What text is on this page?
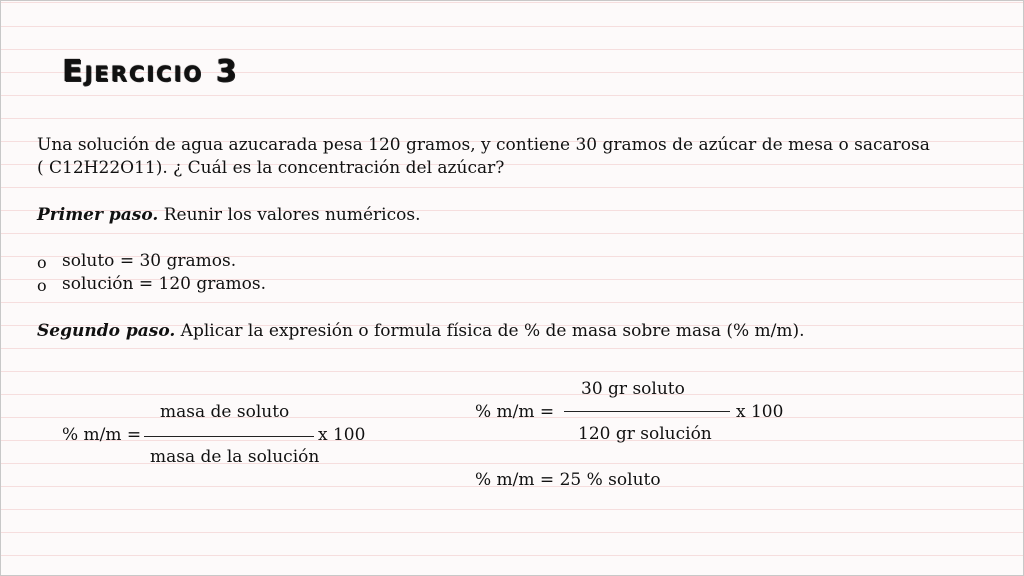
Ejercicio 3
Una solución de agua azucarada pesa 120 gramos, y contiene 30 gramos de azúcar de mesa o sacarosa
( C12H22O11). ¿ Cuál es la concentración del azúcar?
Primer paso. Reunir los valores numéricos.
o soluto = 30 gramos.
o solución = 120 gramos.
Segundo paso. Aplicar la expresión o formula física de % de masa sobre masa (% m/m).
masa de soluto
% m/m =	x 100
masa de la solución
30 gr soluto
% m/m =	x 100
120 gr solución
% m/m = 25 % soluto
